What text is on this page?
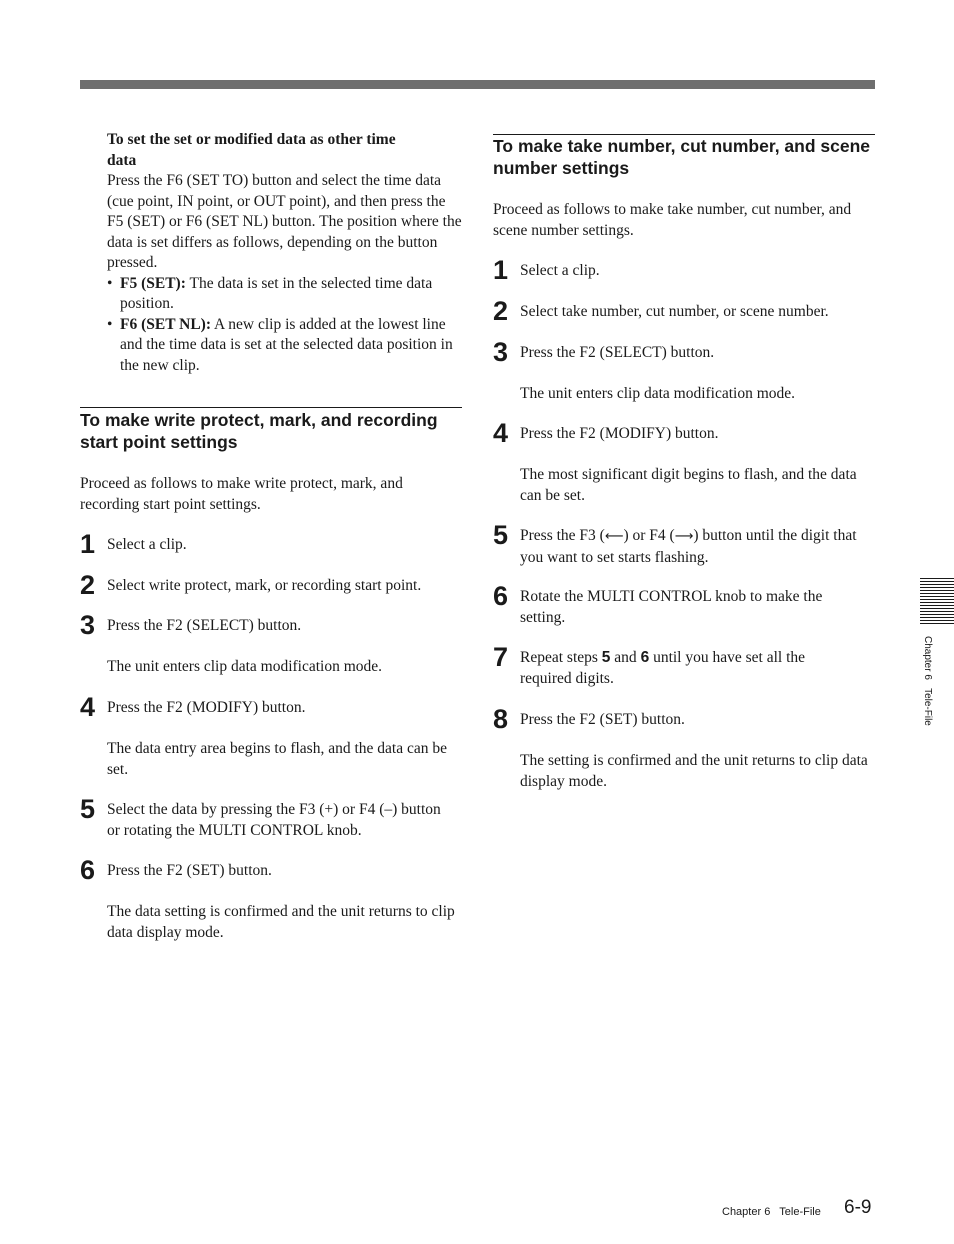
To set the set or modified data as other time
data
Press the F6 (SET TO) button and select the time data (cue point, IN point, or OUT point), and then press the F5 (SET) or F6 (SET NL) button. The position where the data is set differs as follows, depending on the button pressed.
• F5 (SET): The data is set in the selected time data position.
• F6 (SET NL): A new clip is added at the lowest line and the time data is set at the selected data position in the new clip.
To make write protect, mark, and recording start point settings
Proceed as follows to make write protect, mark, and recording start point settings.
1 Select a clip.
2 Select write protect, mark, or recording start point.
3 Press the F2 (SELECT) button.
The unit enters clip data modification mode.
4 Press the F2 (MODIFY) button.
The data entry area begins to flash, and the data can be set.
5 Select the data by pressing the F3 (+) or F4 (–) button or rotating the MULTI CONTROL knob.
6 Press the F2 (SET) button.
The data setting is confirmed and the unit returns to clip data display mode.
To make take number, cut number, and scene number settings
Proceed as follows to make take number, cut number, and scene number settings.
1 Select a clip.
2 Select take number, cut number, or scene number.
3 Press the F2 (SELECT) button.
The unit enters clip data modification mode.
4 Press the F2 (MODIFY) button.
The most significant digit begins to flash, and the data can be set.
5 Press the F3 (⟵) or F4 (⟶) button until the digit that you want to set starts flashing.
6 Rotate the MULTI CONTROL knob to make the setting.
7 Repeat steps 5 and 6 until you have set all the required digits.
8 Press the F2 (SET) button.
The setting is confirmed and the unit returns to clip data display mode.
Chapter 6   Tele-File
Chapter 6   Tele-File 6-9
